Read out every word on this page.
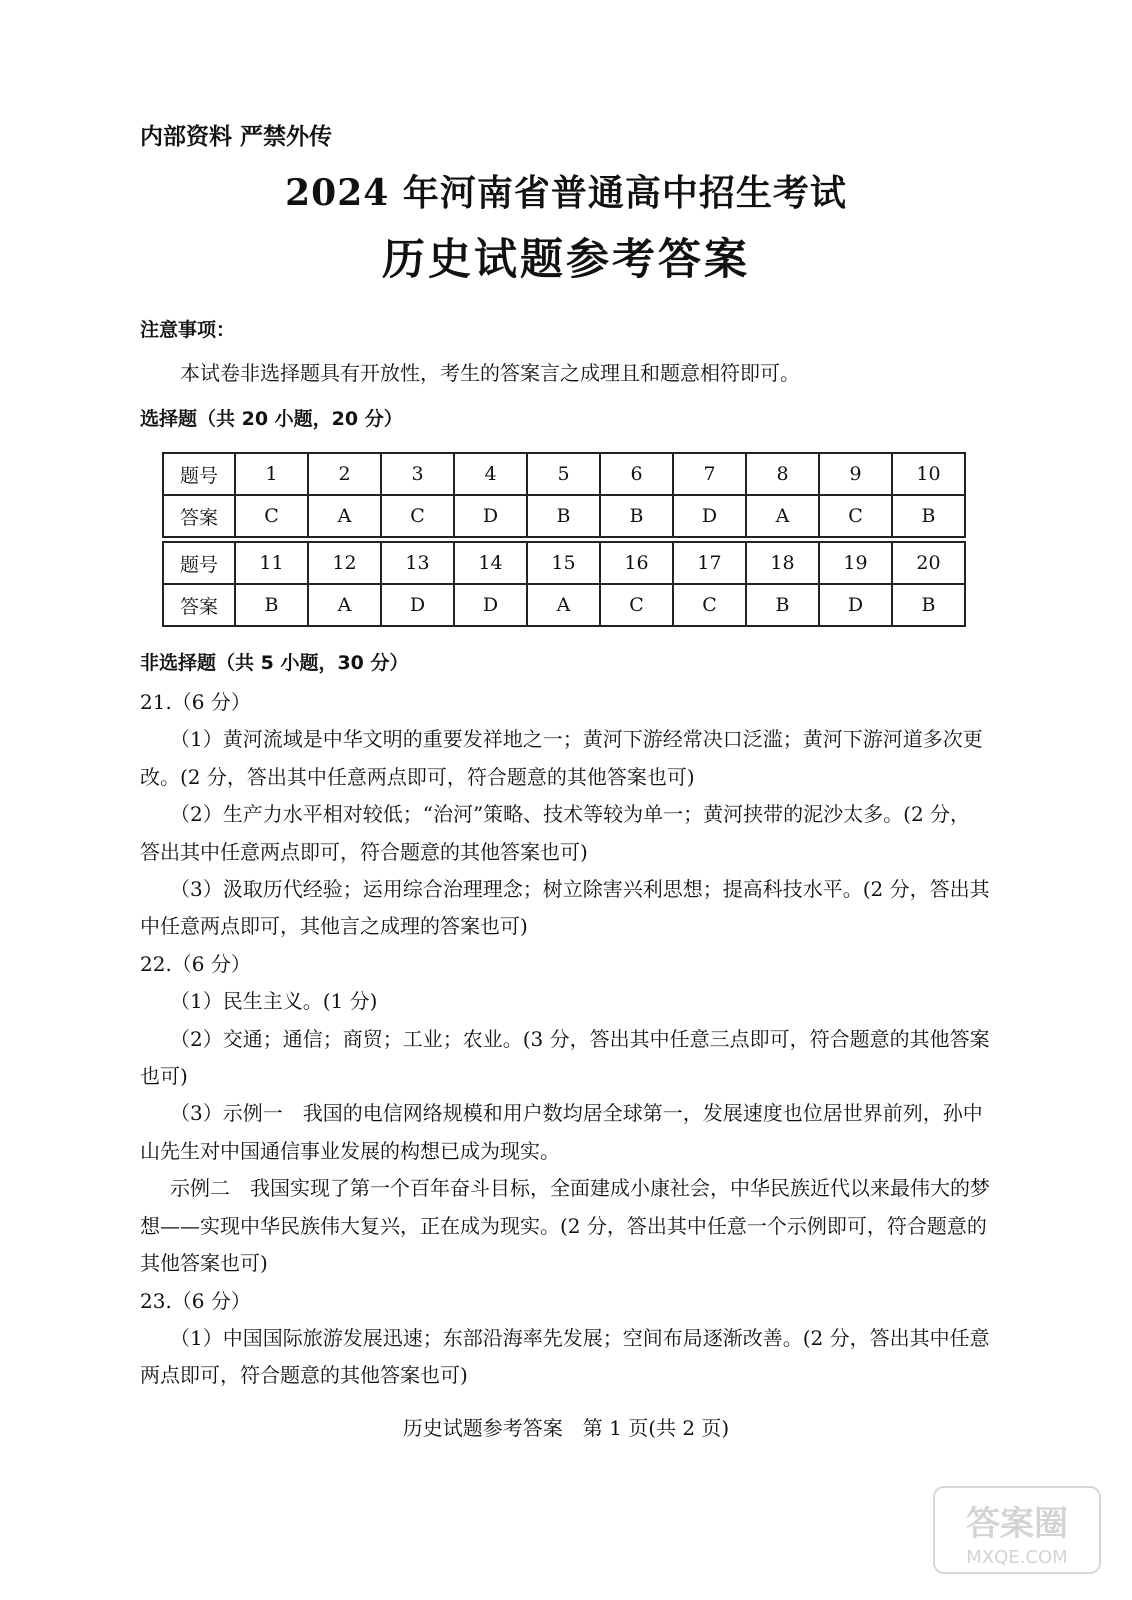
内部资料 严禁外传
2024 年河南省普通高中招生考试
历史试题参考答案
注意事项：
本试卷非选择题具有开放性，考生的答案言之成理且和题意相符即可。
选择题（共 20 小题，20 分）
题号	1	2	3	4	5	6	7	8	9	10
答案	C	A	C	D	B	B	D	A	C	B
题号	11	12	13	14	15	16	17	18	19	20
答案	B	A	D	D	A	C	C	B	D	B
非选择题（共 5 小题，30 分）

21.（6 分）

（1）黄河流域是中华文明的重要发祥地之一；黄河下游经常决口泛滥；黄河下游河道多次更改。(2 分，答出其中任意两点即可，符合题意的其他答案也可)

（2）生产力水平相对较低；“治河”策略、技术等较为单一；黄河挟带的泥沙太多。(2 分，答出其中任意两点即可，符合题意的其他答案也可)

（3）汲取历代经验；运用综合治理理念；树立除害兴利思想；提高科技水平。(2 分，答出其中任意两点即可，其他言之成理的答案也可)

22.（6 分）

（1）民生主义。(1 分)

（2）交通；通信；商贸；工业；农业。(3 分，答出其中任意三点即可，符合题意的其他答案也可)

（3）示例一　我国的电信网络规模和用户数均居全球第一，发展速度也位居世界前列，孙中山先生对中国通信事业发展的构想已成为现实。

示例二　我国实现了第一个百年奋斗目标，全面建成小康社会，中华民族近代以来最伟大的梦想——实现中华民族伟大复兴，正在成为现实。(2 分，答出其中任意一个示例即可，符合题意的其他答案也可)

23.（6 分）

（1）中国国际旅游发展迅速；东部沿海率先发展；空间布局逐渐改善。(2 分，答出其中任意两点即可，符合题意的其他答案也可)

历史试题参考答案　第 1 页(共 2 页)
答案圈
MXQE.COM
